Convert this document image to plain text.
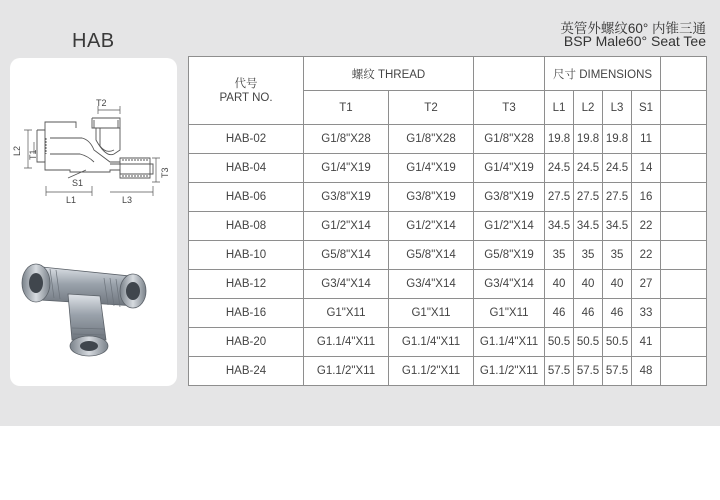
HAB
英管外螺纹60° 内锥三通
BSP Male60° Seat Tee
T2
L2 T1
T3
S1
L1	L3
代号
PART NO.	螺纹 THREAD			尺寸 DIMENSIONS				
	T1	T2	T3	L1	L2	L3	S1	
HAB-02	G1/8"X28	G1/8"X28	G1/8"X28	19.8	19.8	19.8	11	
HAB-04	G1/4"X19	G1/4"X19	G1/4"X19	24.5	24.5	24.5	14	
HAB-06	G3/8"X19	G3/8"X19	G3/8"X19	27.5	27.5	27.5	16	
HAB-08	G1/2"X14	G1/2"X14	G1/2"X14	34.5	34.5	34.5	22	
HAB-10	G5/8"X14	G5/8"X14	G5/8"X19	35	35	35	22	
HAB-12	G3/4"X14	G3/4"X14	G3/4"X14	40	40	40	27	
HAB-16	G1"X11	G1"X11	G1"X11	46	46	46	33	
HAB-20	G1.1/4"X11	G1.1/4"X11	G1.1/4"X11	50.5	50.5	50.5	41	
HAB-24	G1.1/2"X11	G1.1/2"X11	G1.1/2"X11	57.5	57.5	57.5	48	
